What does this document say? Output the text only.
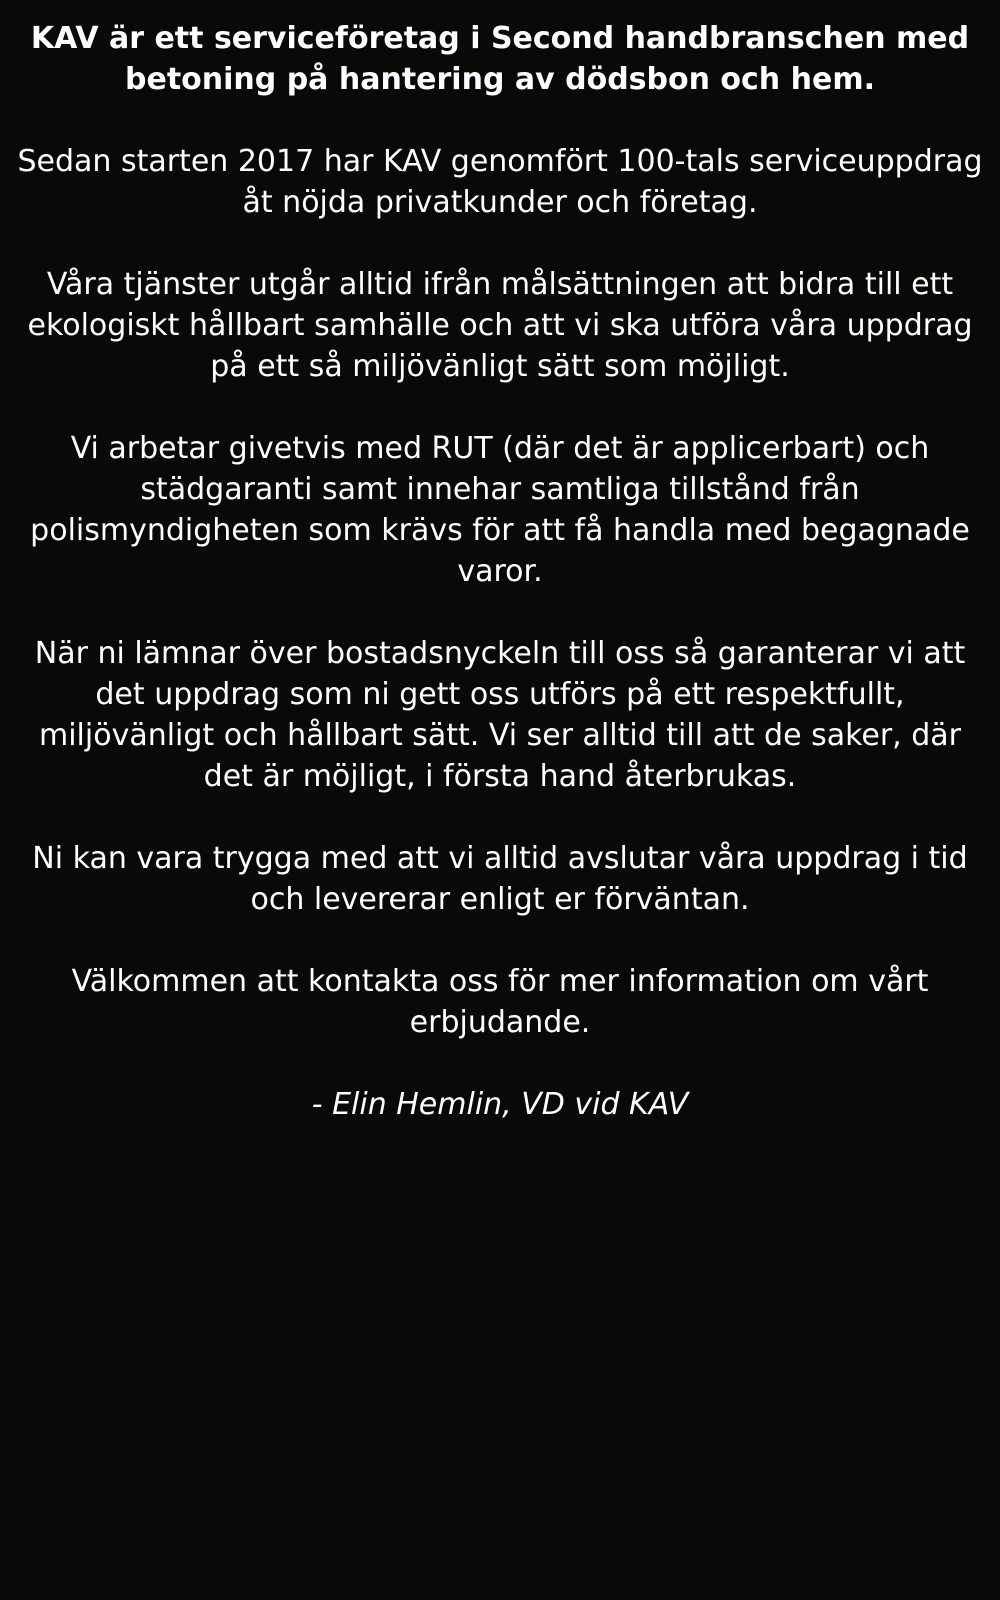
KAV är ett serviceföretag i Second handbranschen med betoning på hantering av dödsbon och hem.

Sedan starten 2017 har KAV genomfört 100-tals serviceuppdrag åt nöjda privatkunder och företag.

Våra tjänster utgår alltid ifrån målsättningen att bidra till ett ekologiskt hållbart samhälle och att vi ska utföra våra uppdrag på ett så miljövänligt sätt som möjligt.

Vi arbetar givetvis med RUT (där det är applicerbart) och städgaranti samt innehar samtliga tillstånd från polismyndigheten som krävs för att få handla med begagnade varor.

När ni lämnar över bostadsnyckeln till oss så garanterar vi att det uppdrag som ni gett oss utförs på ett respektfullt, miljövänligt och hållbart sätt. Vi ser alltid till att de saker, där det är möjligt, i första hand återbrukas.

Ni kan vara trygga med att vi alltid avslutar våra uppdrag i tid och levererar enligt er förväntan.

Välkommen att kontakta oss för mer information om vårt erbjudande.

- Elin Hemlin, VD vid KAV
